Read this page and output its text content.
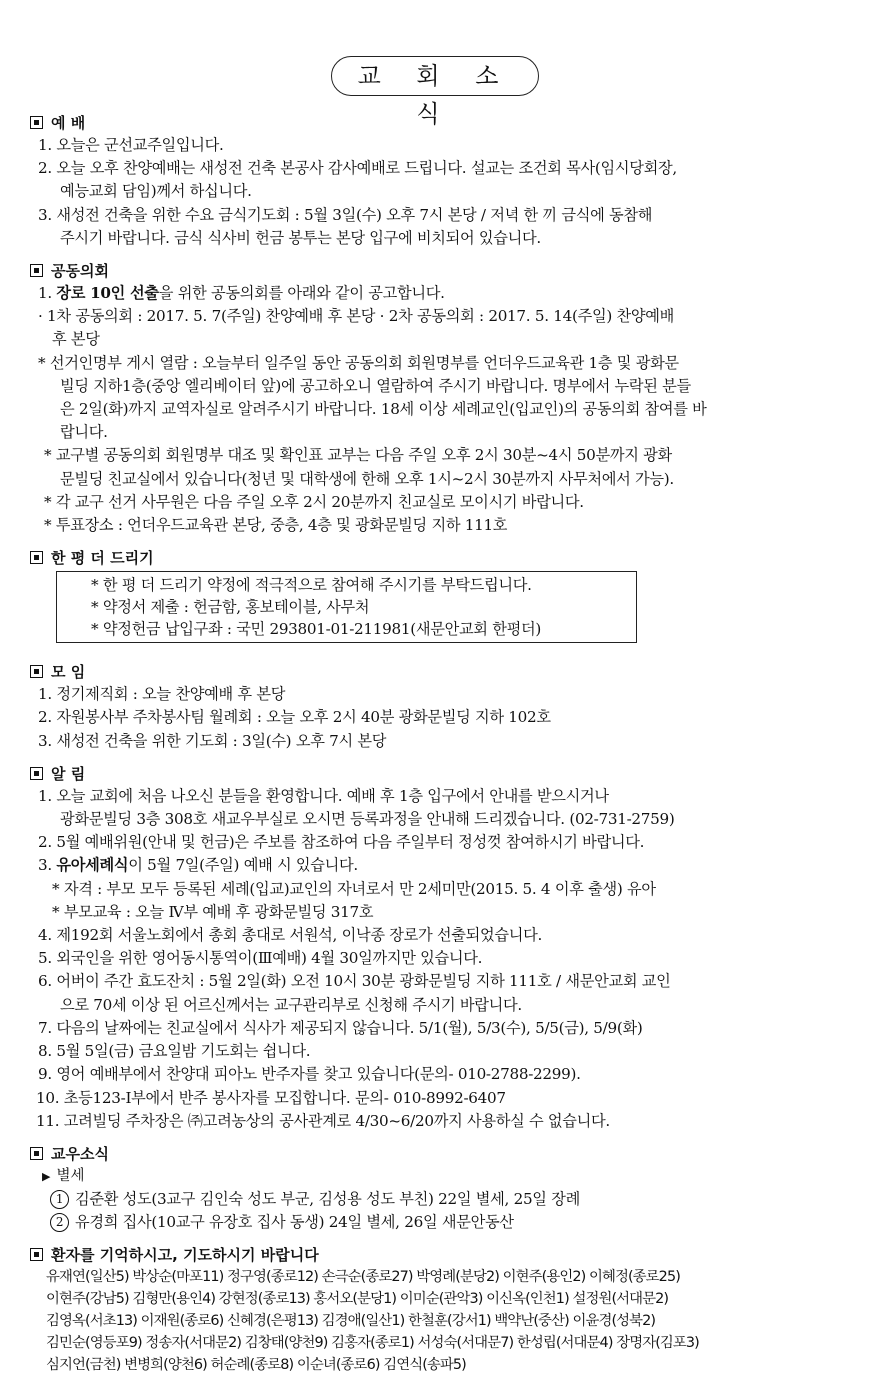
교 회 소 식
예 배

1. 오늘은 군선교주일입니다.

2. 오늘 오후 찬양예배는 새성전 건축 본공사 감사예배로 드립니다. 설교는 조건회 목사(임시당회장,

예능교회 담임)께서 하십니다.

3. 새성전 건축을 위한 수요 금식기도회 : 5월 3일(수) 오후 7시 본당 / 저녁 한 끼 금식에 동참해

주시기 바랍니다. 금식 식사비 헌금 봉투는 본당 입구에 비치되어 있습니다.

공동의회

1. 장로 10인 선출을 위한 공동의회를 아래와 같이 공고합니다.

· 1차 공동의회 : 2017. 5. 7(주일) 찬양예배 후 본당 · 2차 공동의회 : 2017. 5. 14(주일) 찬양예배

후 본당

* 선거인명부 게시 열람 : 오늘부터 일주일 동안 공동의회 회원명부를 언더우드교육관 1층 및 광화문

빌딩 지하1층(중앙 엘리베이터 앞)에 공고하오니 열람하여 주시기 바랍니다. 명부에서 누락된 분들

은 2일(화)까지 교역자실로 알려주시기 바랍니다. 18세 이상 세례교인(입교인)의 공동의회 참여를 바

랍니다.

* 교구별 공동의회 회원명부 대조 및 확인표 교부는 다음 주일 오후 2시 30분~4시 50분까지 광화

문빌딩 친교실에서 있습니다(청년 및 대학생에 한해 오후 1시~2시 30분까지 사무처에서 가능).

* 각 교구 선거 사무원은 다음 주일 오후 2시 20분까지 친교실로 모이시기 바랍니다.

* 투표장소 : 언더우드교육관 본당, 중층, 4층 및 광화문빌딩 지하 111호

한 평 더 드리기

* 한 평 더 드리기 약정에 적극적으로 참여해 주시기를 부탁드립니다.

* 약정서 제출 : 헌금함, 홍보테이블, 사무처

* 약정헌금 납입구좌 : 국민 293801-01-211981(새문안교회 한평더)

모 임

1. 정기제직회 : 오늘 찬양예배 후 본당

2. 자원봉사부 주차봉사팀 월례회 : 오늘 오후 2시 40분 광화문빌딩 지하 102호

3. 새성전 건축을 위한 기도회 : 3일(수) 오후 7시 본당

알 림

1. 오늘 교회에 처음 나오신 분들을 환영합니다. 예배 후 1층 입구에서 안내를 받으시거나

광화문빌딩 3층 308호 새교우부실로 오시면 등록과정을 안내해 드리겠습니다. (02-731-2759)

2. 5월 예배위원(안내 및 헌금)은 주보를 참조하여 다음 주일부터 정성껏 참여하시기 바랍니다.

3. 유아세례식이 5월 7일(주일) 예배 시 있습니다.

* 자격 : 부모 모두 등록된 세례(입교)교인의 자녀로서 만 2세미만(2015. 5. 4 이후 출생) 유아

* 부모교육 : 오늘 Ⅳ부 예배 후 광화문빌딩 317호

4. 제192회 서울노회에서 총회 총대로 서원석, 이낙종 장로가 선출되었습니다.

5. 외국인을 위한 영어동시통역이(Ⅲ예배) 4월 30일까지만 있습니다.

6. 어버이 주간 효도잔치 : 5월 2일(화) 오전 10시 30분 광화문빌딩 지하 111호 / 새문안교회 교인

으로 70세 이상 된 어르신께서는 교구관리부로 신청해 주시기 바랍니다.

7. 다음의 날짜에는 친교실에서 식사가 제공되지 않습니다. 5/1(월), 5/3(수), 5/5(금), 5/9(화)

8. 5월 5일(금) 금요일밤 기도회는 쉽니다.

9. 영어 예배부에서 찬양대 피아노 반주자를 찾고 있습니다(문의- 010-2788-2299).

10. 초등123-Ⅰ부에서 반주 봉사자를 모집합니다. 문의- 010-8992-6407

11. 고려빌딩 주차장은 ㈜고려농상의 공사관계로 4/30~6/20까지 사용하실 수 없습니다.

교우소식

▶ 별세

1 김준환 성도(3교구 김인숙 성도 부군, 김성용 성도 부친) 22일 별세, 25일 장례

2 유경희 집사(10교구 유장호 집사 동생) 24일 별세, 26일 새문안동산

환자를 기억하시고, 기도하시기 바랍니다

유재연(일산5) 박상순(마포11) 정구영(종로12) 손극순(종로27) 박영례(분당2) 이현주(용인2) 이혜정(종로25)

이현주(강남5) 김형만(용인4) 강현정(종로13) 홍서오(분당1) 이미순(관악3) 이신옥(인천1) 설정원(서대문2)

김영옥(서초13) 이재원(종로6) 신혜경(은평13) 김경애(일산1) 한철훈(강서1) 백약난(중산) 이윤경(성북2)

김민순(영등포9) 정송자(서대문2) 김창태(양천9) 김홍자(종로1) 서성숙(서대문7) 한성립(서대문4) 장명자(김포3)

심지언(금천) 변병희(양천6) 허순례(종로8) 이순녀(종로6) 김연식(송파5)
